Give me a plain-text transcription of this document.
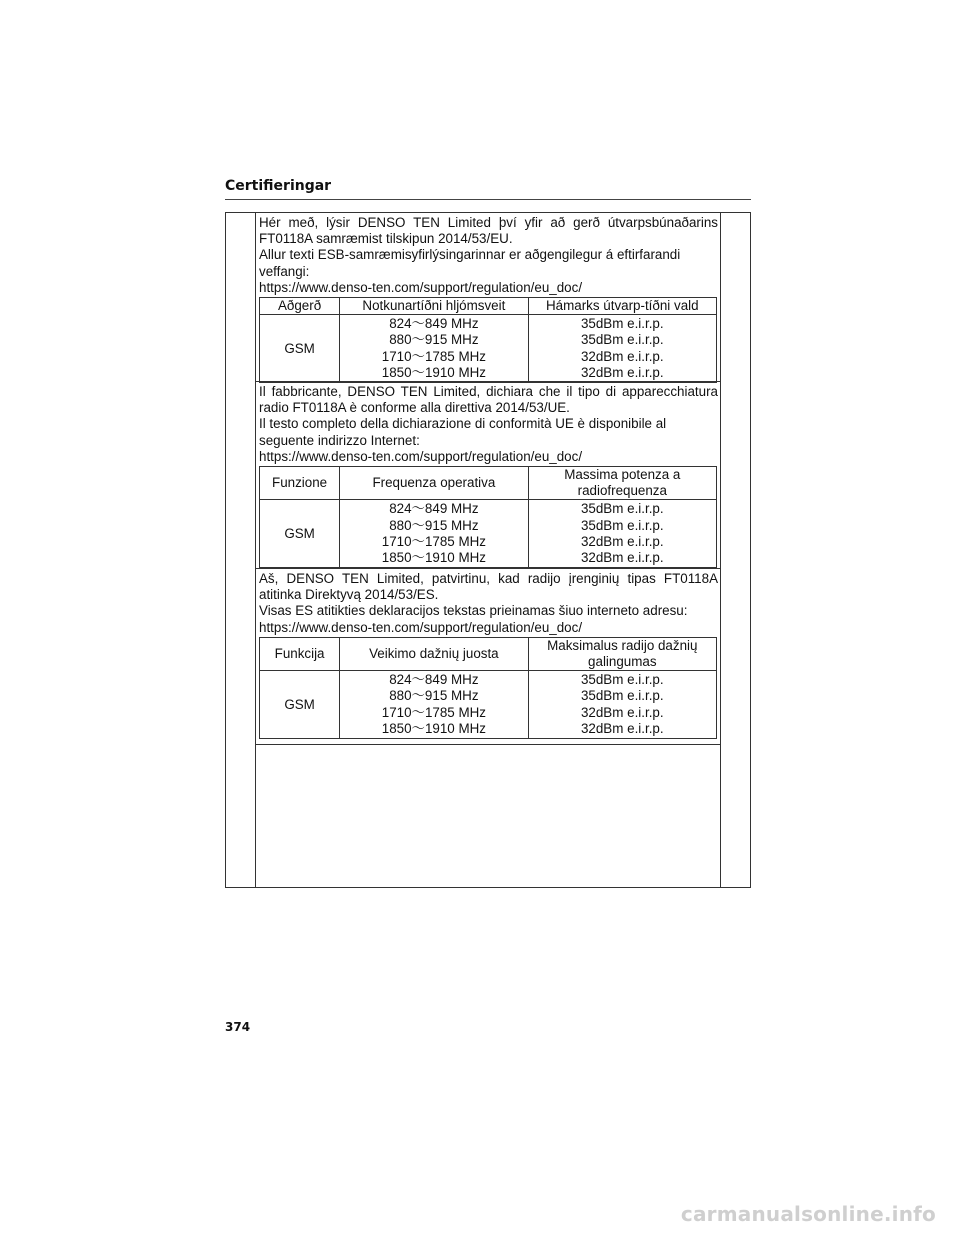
Certifieringar

Hér með, lýsir DENSO TEN Limited því yfir að gerð útvarpsbúnaðarins FT0118A samræmist tilskipun 2014/53/EU.

Allur texti ESB-samræmisyfirlýsingarinnar er aðgengilegur á eftirfarandi veffangi:

https://www.denso-ten.com/support/regulation/eu_doc/

Aðgerð	Notkunartíðni hljómsveit	Hámarks útvarp-tíðni vald
GSM	824～849 MHz
880～915 MHz
1710～1785 MHz
1850～1910 MHz	35dBm e.i.r.p.
35dBm e.i.r.p.
32dBm e.i.r.p.
32dBm e.i.r.p.

Il fabbricante, DENSO TEN Limited, dichiara che il tipo di apparecchiatura radio FT0118A è conforme alla direttiva 2014/53/UE.

Il testo completo della dichiarazione di conformità UE è disponibile al seguente indirizzo Internet:

https://www.denso-ten.com/support/regulation/eu_doc/

Funzione	Frequenza operativa	Massima potenza a radiofrequenza
GSM	824～849 MHz
880～915 MHz
1710～1785 MHz
1850～1910 MHz	35dBm e.i.r.p.
35dBm e.i.r.p.
32dBm e.i.r.p.
32dBm e.i.r.p.

Aš, DENSO TEN Limited, patvirtinu, kad radijo įrenginių tipas FT0118A atitinka Direktyvą 2014/53/ES.

Visas ES atitikties deklaracijos tekstas prieinamas šiuo interneto adresu:

https://www.denso-ten.com/support/regulation/eu_doc/

Funkcija	Veikimo dažnių juosta	Maksimalus radijo dažnių galingumas
GSM	824～849 MHz
880～915 MHz
1710～1785 MHz
1850～1910 MHz	35dBm e.i.r.p.
35dBm e.i.r.p.
32dBm e.i.r.p.
32dBm e.i.r.p.
374
carmanualsonline.info
